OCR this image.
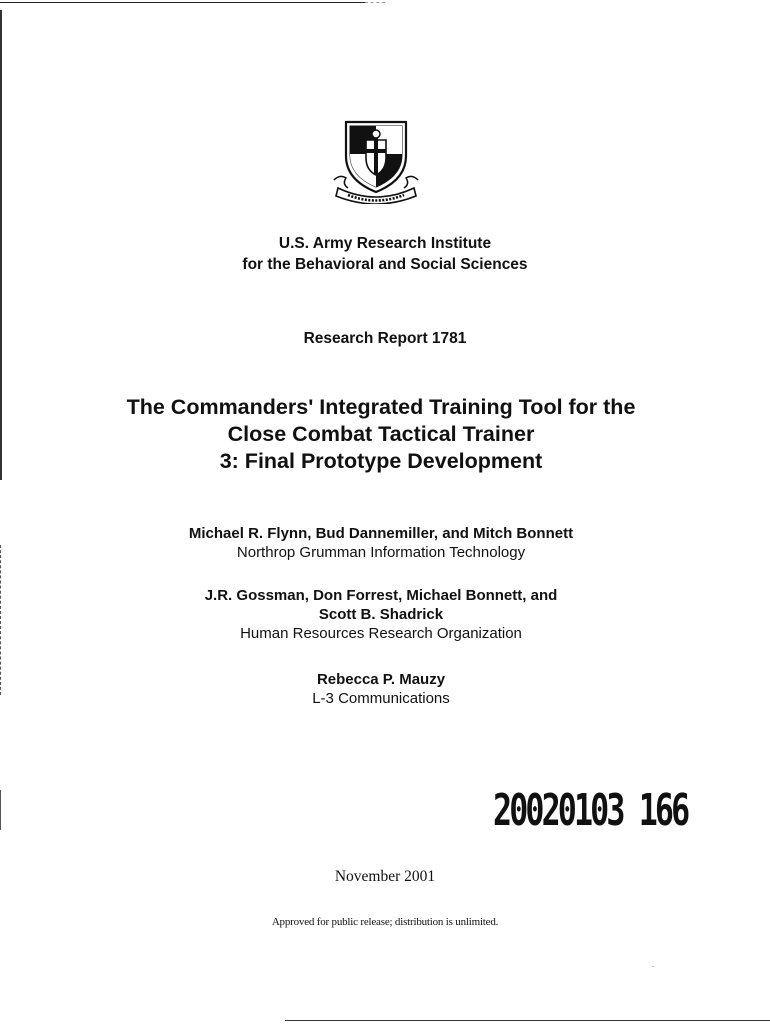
U.S. Army Research Institute
for the Behavioral and Social Sciences
Research Report 1781
The Commanders' Integrated Training Tool for the
Close Combat Tactical Trainer
3: Final Prototype Development
Michael R. Flynn, Bud Dannemiller, and Mitch Bonnett
Northrop Grumman Information Technology
J.R. Gossman, Don Forrest, Michael Bonnett, and
Scott B. Shadrick
Human Resources Research Organization
Rebecca P. Mauzy
L-3 Communications
20020103 166
November 2001
Approved for public release; distribution is unlimited.
